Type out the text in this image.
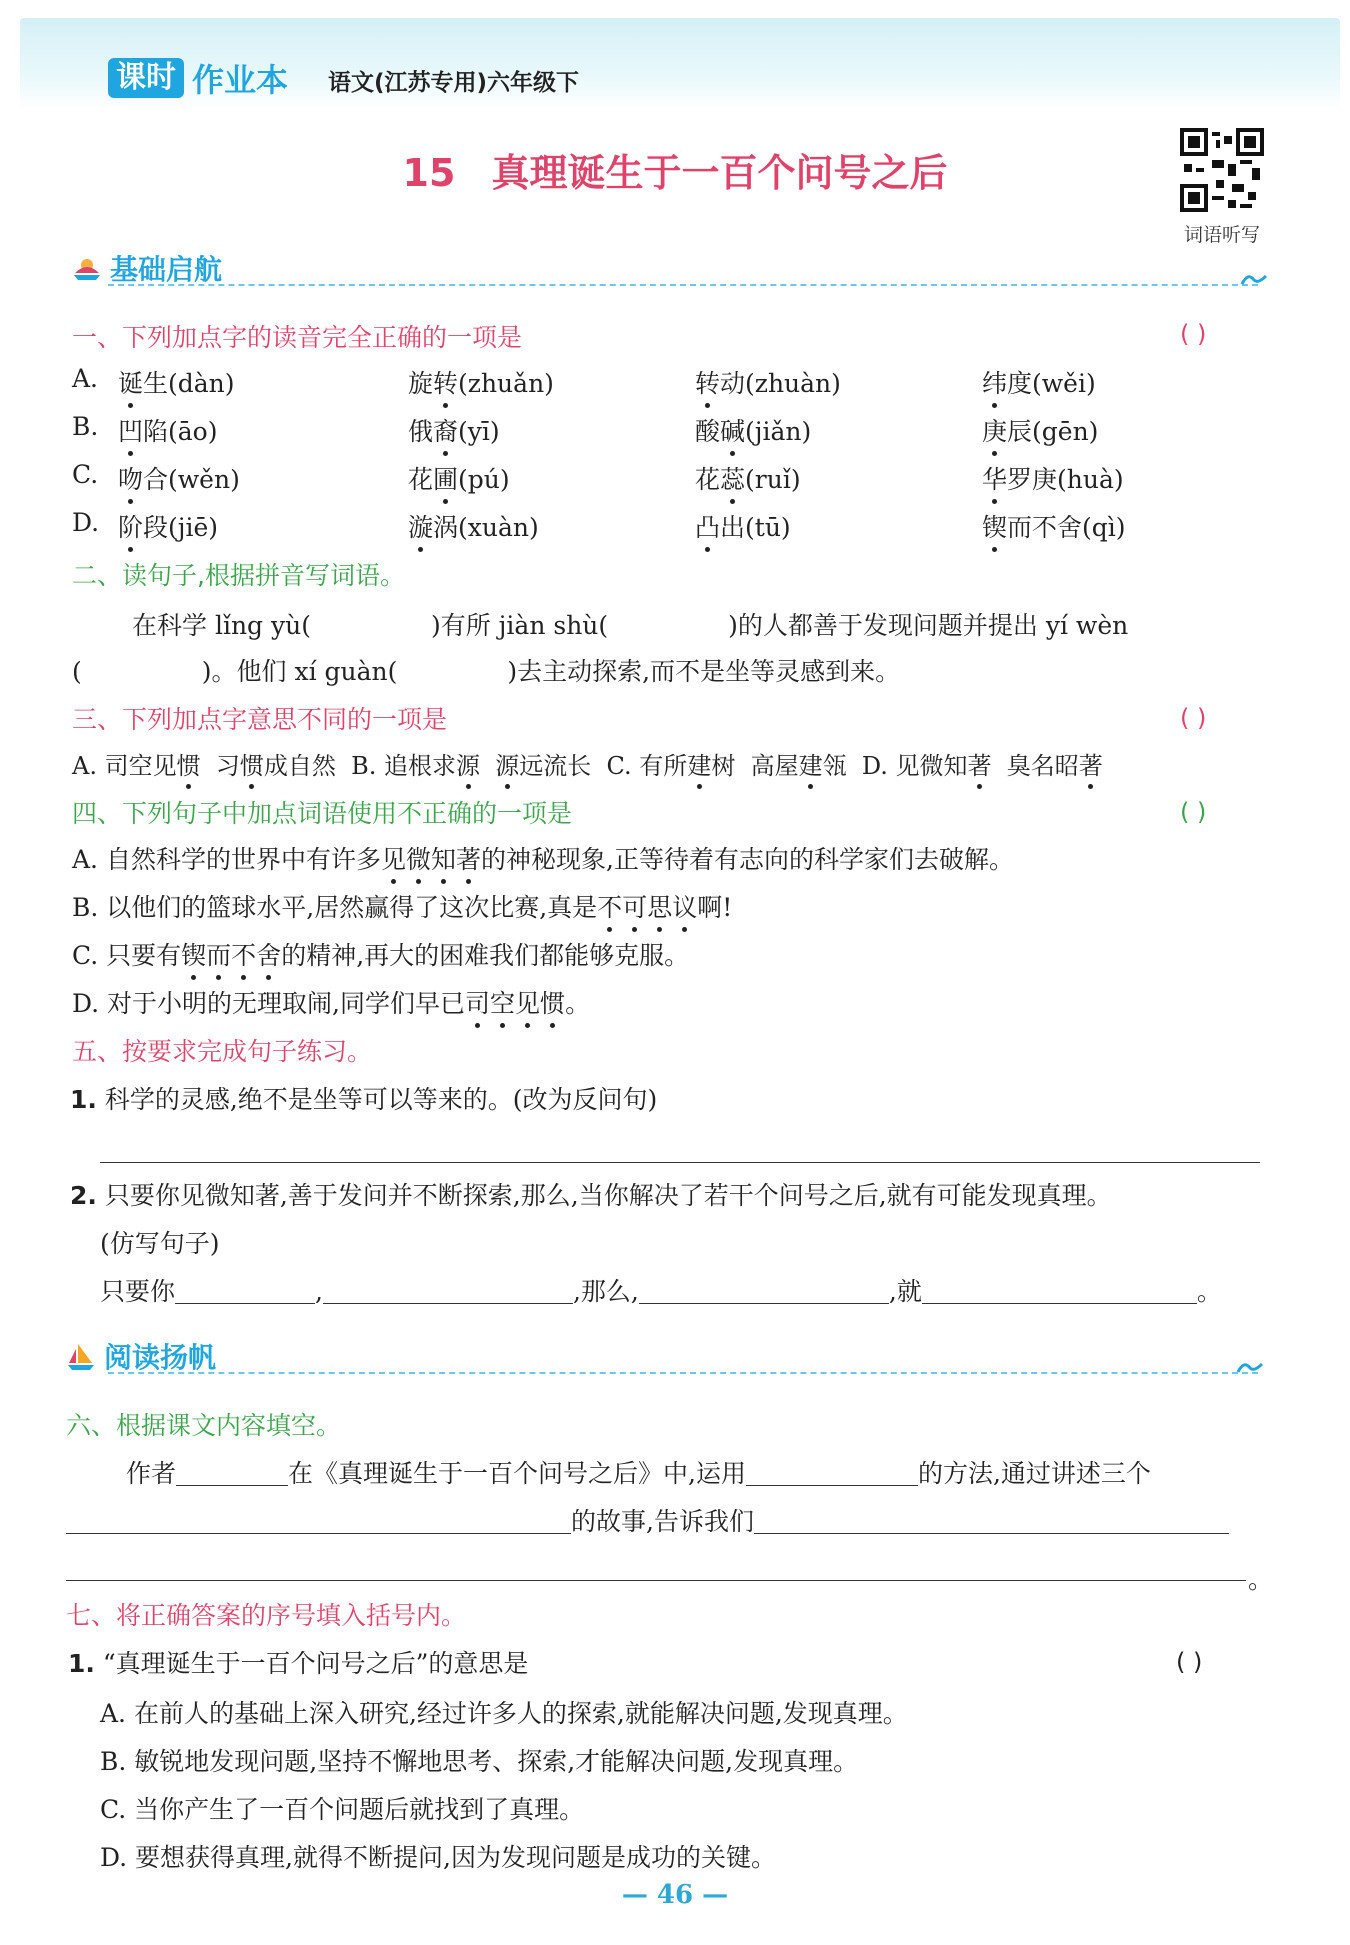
课时 作业本 语文(江苏专用)六年级下
15 真理诞生于一百个问号之后
词语听写
基础启航
一、下列加点字的读音完全正确的一项是	( )
A. 诞生(dàn)	旋转(zhuǎn)	转动(zhuàn)	纬度(wěi)
B. 凹陷(āo)	俄裔(yī)	酸碱(jiǎn)	庚辰(gēn)
C. 吻合(wěn)	花圃(pú)	花蕊(ruǐ)	华罗庚(huà)
D. 阶段(jiē)	漩涡(xuàn)	凸出(tū)	锲而不舍(qì)
二、读句子,根据拼音写词语。
在科学 lǐng yù(	)有所 jiàn shù(	)的人都善于发现问题并提出 yí wèn
(	)。他们 xí guàn(	)去主动探索,而不是坐等灵感到来。
三、下列加点字意思不同的一项是	( )
A. 司空见惯  习惯成自然  B. 追根求源 源远流长  C. 有所建树  高屋建瓴  D. 见微知著  臭名昭著
四、下列句子中加点词语使用不正确的一项是	( )
A. 自然科学的世界中有许多见微知著的神秘现象,正等待着有志向的科学家们去破解。
B. 以他们的篮球水平,居然赢得了这次比赛,真是不可思议啊!
C. 只要有锲而不舍的精神,再大的困难我们都能够克服。
D. 对于小明的无理取闹,同学们早已司空见惯。
五、按要求完成句子练习。
1. 科学的灵感,绝不是坐等可以等来的。(改为反问句)
2. 只要你见微知著,善于发问并不断探索,那么,当你解决了若干个问号之后,就有可能发现真理。
(仿写句子)
只要你	,	,那么,	,就	。
阅读扬帆
六、根据课文内容填空。
作者	在《真理诞生于一百个问号之后》中,运用	的方法,通过讲述三个
的故事,告诉我们
。
七、将正确答案的序号填入括号内。
1. “真理诞生于一百个问号之后”的意思是	( )
A. 在前人的基础上深入研究,经过许多人的探索,就能解决问题,发现真理。
B. 敏锐地发现问题,坚持不懈地思考、探索,才能解决问题,发现真理。
C. 当你产生了一百个问题后就找到了真理。
D. 要想获得真理,就得不断提问,因为发现问题是成功的关键。
— 46 —
